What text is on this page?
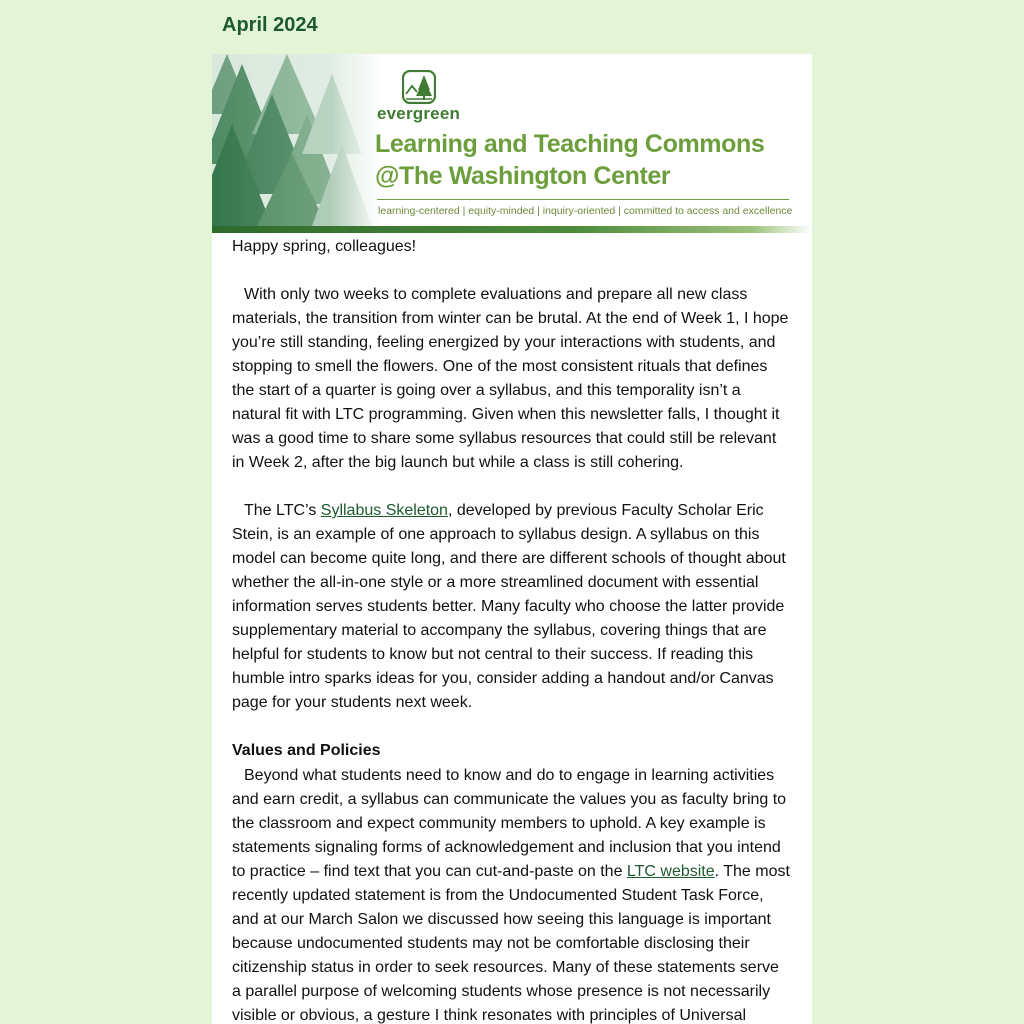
April 2024
evergreen
Learning and Teaching Commons
@The Washington Center
learning-centered | equity-minded | inquiry-oriented | committed to access and excellence

Happy spring, colleagues!

With only two weeks to complete evaluations and prepare all new class materials, the transition from winter can be brutal. At the end of Week 1, I hope you’re still standing, feeling energized by your interactions with students, and stopping to smell the flowers. One of the most consistent rituals that defines the start of a quarter is going over a syllabus, and this temporality isn’t a natural fit with LTC programming. Given when this newsletter falls, I thought it was a good time to share some syllabus resources that could still be relevant in Week 2, after the big launch but while a class is still cohering.

The LTC’s Syllabus Skeleton, developed by previous Faculty Scholar Eric Stein, is an example of one approach to syllabus design. A syllabus on this model can become quite long, and there are different schools of thought about whether the all-in-one style or a more streamlined document with essential information serves students better. Many faculty who choose the latter provide supplementary material to accompany the syllabus, covering things that are helpful for students to know but not central to their success. If reading this humble intro sparks ideas for you, consider adding a handout and/or Canvas page for your students next week.

Values and Policies

Beyond what students need to know and do to engage in learning activities and earn credit, a syllabus can communicate the values you as faculty bring to the classroom and expect community members to uphold. A key example is statements signaling forms of acknowledgement and inclusion that you intend to practice – find text that you can cut-and-paste on the LTC website. The most recently updated statement is from the Undocumented Student Task Force, and at our March Salon we discussed how seeing this language is important because undocumented students may not be comfortable disclosing their citizenship status in order to seek resources. Many of these statements serve a parallel purpose of welcoming students whose presence is not necessarily visible or obvious, a gesture I think resonates with principles of Universal
